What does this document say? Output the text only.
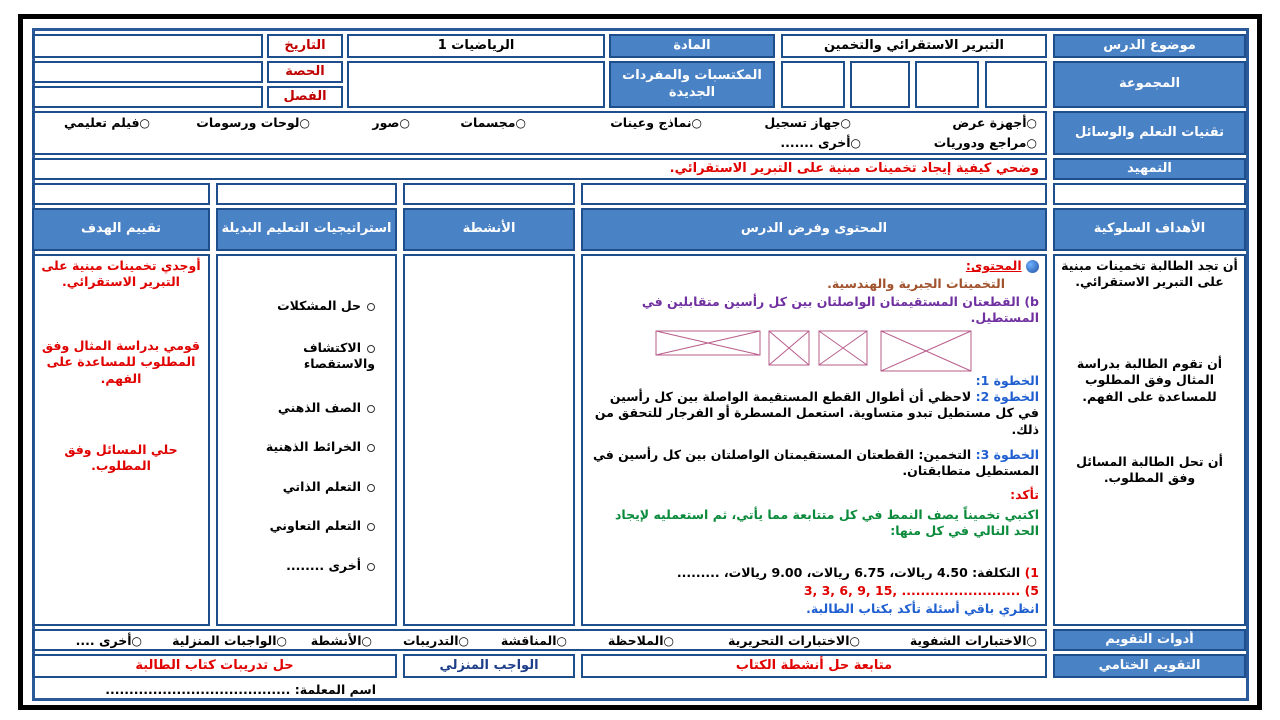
موضوع الدرس
التبرير الاستقرائي والتخمين
المادة
الرياضيات 1
التاريخ
المجموعة
المكتسبات والمفردات الجديدة
الحصة
الفصل
تقنيات التعلم والوسائل
○أجهزة عرض
○جهاز تسجيل
○نماذج وعينات
○مجسمات
○صور
○لوحات ورسومات
○فيلم تعليمي
○مراجع ودوريات
○أخرى .......
التمهيد
وضحي كيفية إيجاد تخمينات مبنية على التبرير الاستقرائي.
الأهداف السلوكية
المحتوى وفرض الدرس
الأنشطة
استراتيجيات التعليم البديلة
تقييم الهدف
أن تجد الطالبة تخمينات مبنية على التبرير الاستقرائي.
أن تقوم الطالبة بدراسة المثال وفق المطلوب للمساعدة على الفهم.
أن تحل الطالبة المسائل وفق المطلوب.
المحتوى:
التخمينات الجبرية والهندسية.
b) القطعتان المستقيمتان الواصلتان بين كل رأسين متقابلين في المستطيل.
الخطوة 1:
الخطوة 2: لاحظي أن أطوال القطع المستقيمة الواصلة بين كل رأسين في كل مستطيل تبدو متساوية. استعمل المسطرة أو الفرجار للتحقق من ذلك.
الخطوة 3: التخمين: القطعتان المستقيمتان الواصلتان بين كل رأسين في المستطيل متطابقتان.
تأكد:
اكتبي تخميناً يصف النمط في كل متتابعة مما يأتي، ثم استعمليه لإيجاد الحد التالي في كل منها:
1) التكلفة: 4.50 ريالات، 6.75 ريالات، 9.00 ريالات، .........
5) 3, 3, 6, 9, 15, .........................
انظري باقي أسئلة تأكد بكتاب الطالبة.
حل المشكلات
الاكتشاف والاستقصاء
الصف الذهني
الخرائط الذهنية
التعلم الذاتي
التعلم التعاوني
أخرى ........
أوجدي تخمينات مبنية على التبرير الاستقرائي.
قومي بدراسة المثال وفق المطلوب للمساعدة على الفهم.
حلي المسائل وفق المطلوب.
أدوات التقويم
○الاختبارات الشفوية
○الاختبارات التحريرية
○الملاحظة
○المناقشة
○التدريبات
○الأنشطة
○الواجبات المنزلية
○أخرى ....
التقويم الختامي
متابعة حل أنشطة الكتاب
الواجب المنزلي
حل تدريبات كتاب الطالبة
اسم المعلمة: .......................................
